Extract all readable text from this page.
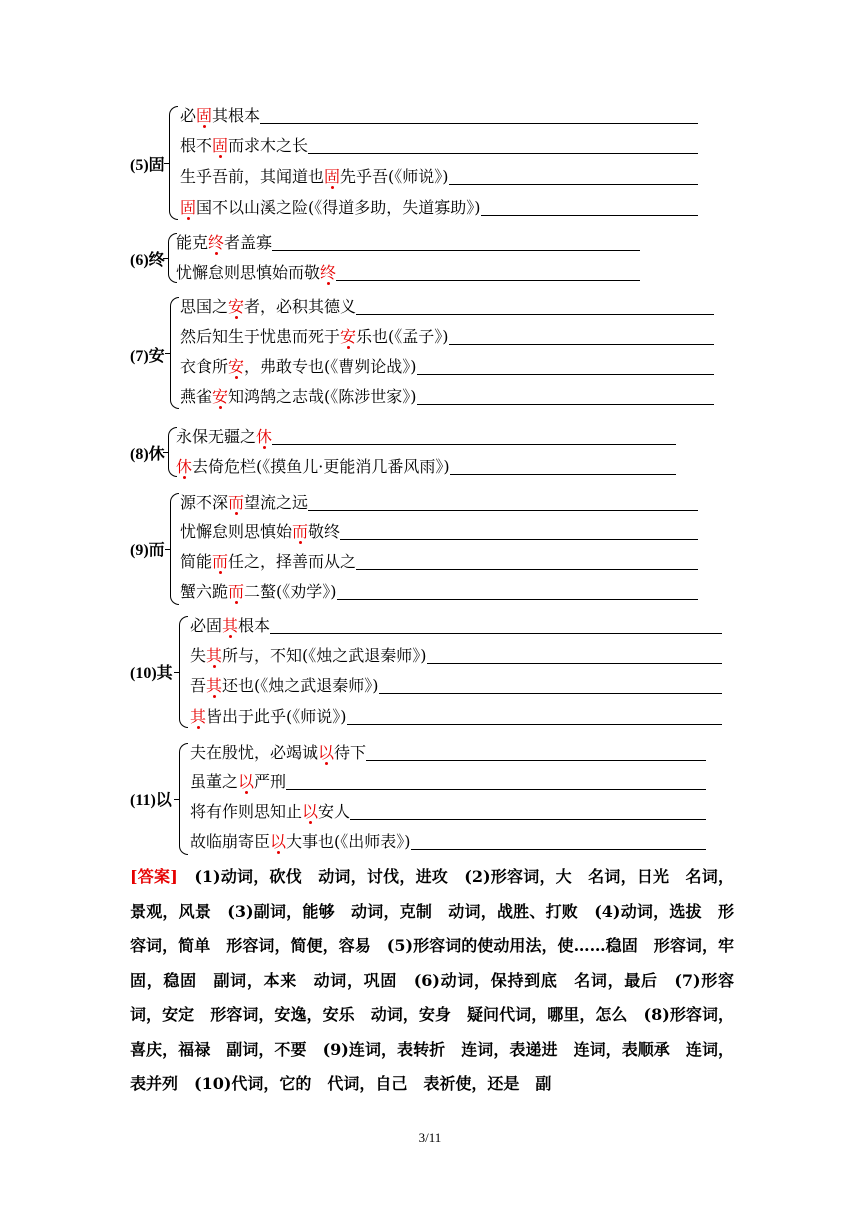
(5)固
必固其根本
根不固而求木之长
生乎吾前，其闻道也固先乎吾(《师说》)
固国不以山溪之险(《得道多助，失道寡助》)
(6)终
能克终者盖寡
忧懈怠则思慎始而敬终
(7)安
思国之安者，必积其德义
然后知生于忧患而死于安乐也(《孟子》)
衣食所安，弗敢专也(《曹刿论战》)
燕雀安知鸿鹄之志哉(《陈涉世家》)
(8)休
永保无疆之休
休去倚危栏(《摸鱼儿·更能消几番风雨》)
(9)而
源不深而望流之远
忧懈怠则思慎始而敬终
简能而任之，择善而从之
蟹六跪而二螯(《劝学》)
(10)其
必固其根本
失其所与，不知(《烛之武退秦师》)
吾其还也(《烛之武退秦师》)
其皆出于此乎(《师说》)
(11)以
夫在殷忧，必竭诚以待下
虽董之以严刑
将有作则思知止以安人
故临崩寄臣以大事也(《出师表》)
[答案]　 (1)动词，砍伐　动词，讨伐，进攻　(2)形容词，大　名词，日光　名词，景观，风景　(3)副词，能够　动词，克制　动词，战胜、打败　(4)动词，选拔　形容词，简单　形容词，简便，容易　(5)形容词的使动用法，使……稳固　形容词，牢固，稳固　副词，本来　动词，巩固　(6)动词，保持到底　名词，最后　(7)形容词，安定　形容词，安逸，安乐　动词，安身　疑问代词，哪里，怎么　(8)形容词，喜庆，福禄　副词，不要　(9)连词，表转折　连词，表递进　连词，表顺承　连词，表并列　(10)代词，它的　代词，自己　表祈使，还是　副
3/11
